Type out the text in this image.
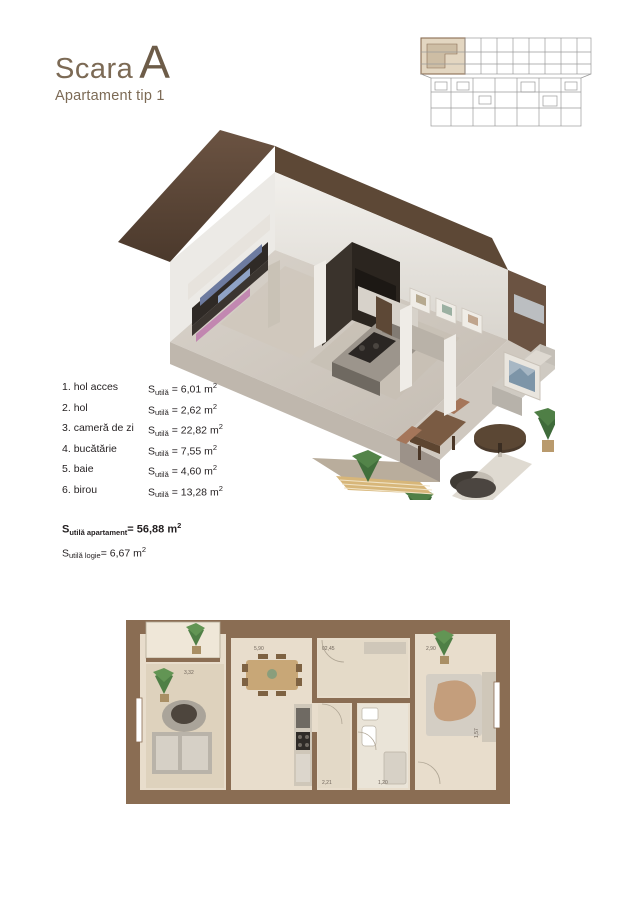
Scara A
Apartament tip 1
1. hol acces	Sutilă = 6,01 $m^2$
2. hol	Sutilă = 2,62 $m^2$
3. cameră de zi	Sutilă = 22,82 $m^2$
4. bucătărie	Sutilă = 7,55 $m^2$
5. baie	Sutilă = 4,60 $m^2$
6. birou	Sutilă = 13,28 $m^2$
Sutilă apartament= 56,88 $m^2$
Sutilă logie= 6,67 $m^2$
5,90	02,45	2,90
3,32
2,21	1,20
1,57
